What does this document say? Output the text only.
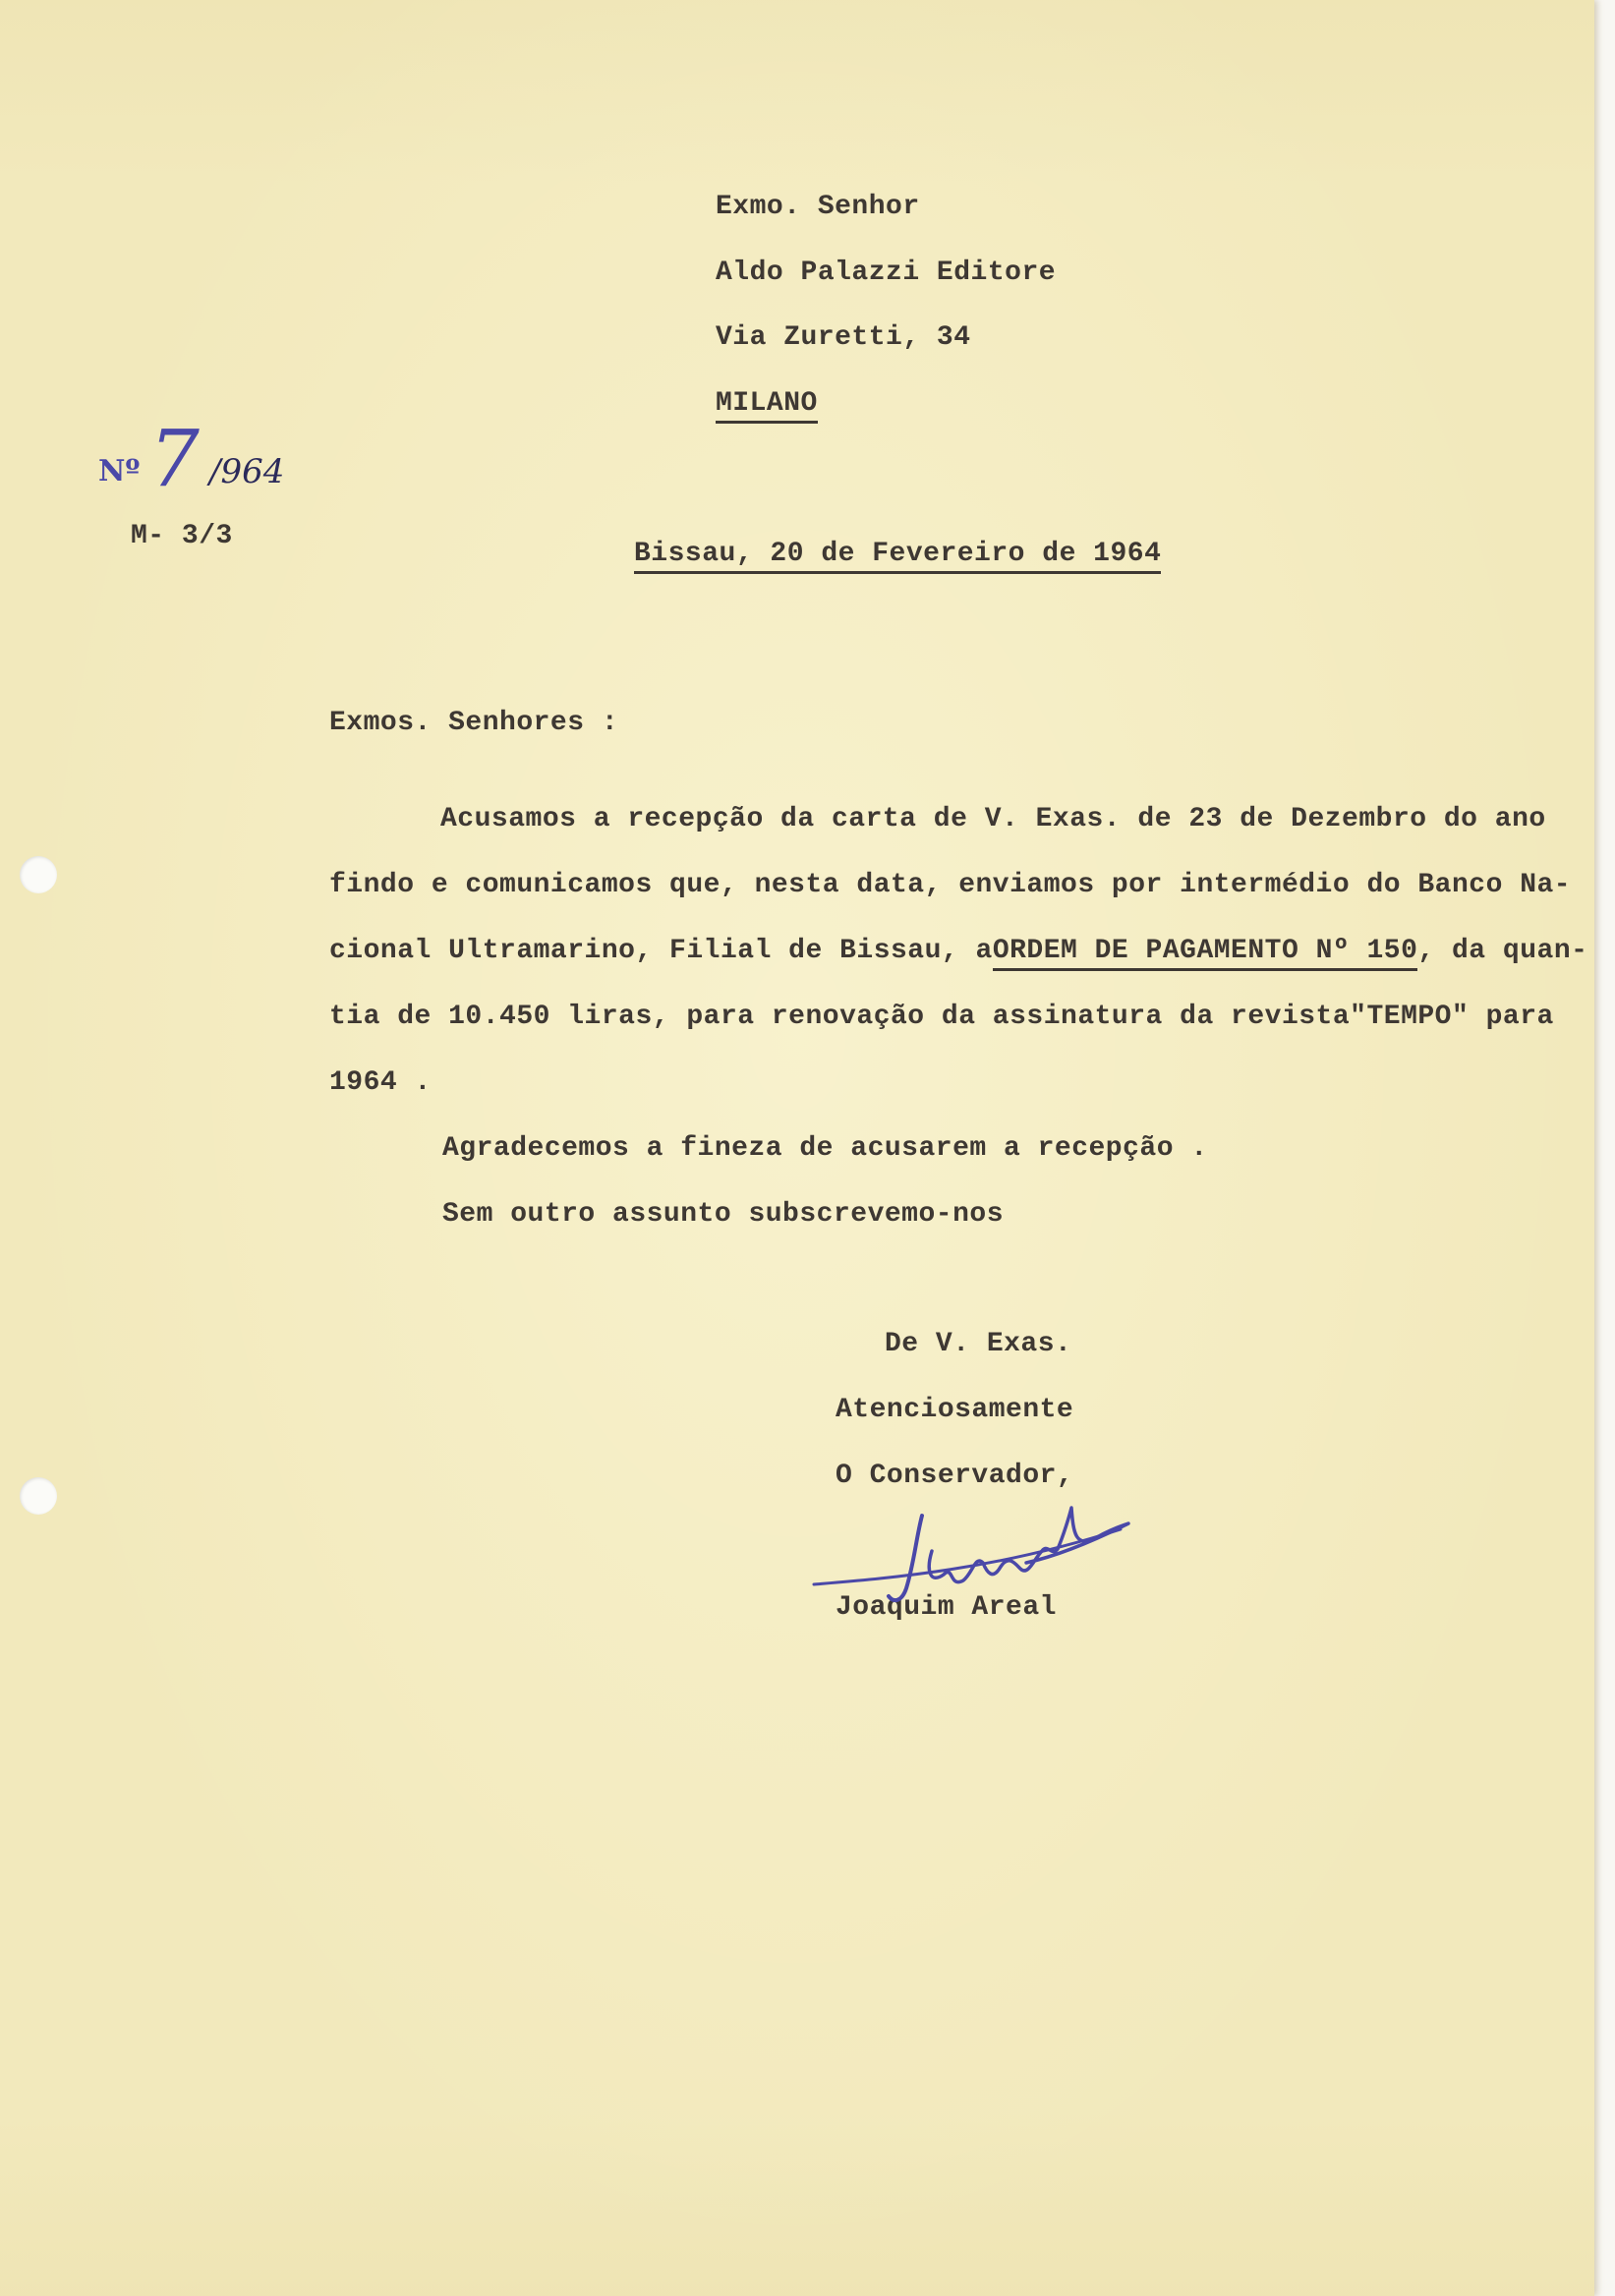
Exmo. Senhor
Aldo Palazzi Editore
Via Zuretti, 34
MILANO
Nº 7 /964
M- 3/3
Bissau, 20 de Fevereiro de 1964
Exmos. Senhores :
Acusamos a recepção da carta de V. Exas. de 23 de Dezembro do ano
findo e comunicamos que, nesta data, enviamos por intermédio do Banco Na-
cional Ultramarino, Filial de Bissau, a ORDEM DE PAGAMENTO Nº 150, da quan-
tia de 10.450 liras, para renovação da assinatura da revista"TEMPO" para
1964 .
Agradecemos a fineza de acusarem a recepção .
Sem outro assunto subscrevemo-nos
De V. Exas.
Atenciosamente
O Conservador,
Joaquim Areal
